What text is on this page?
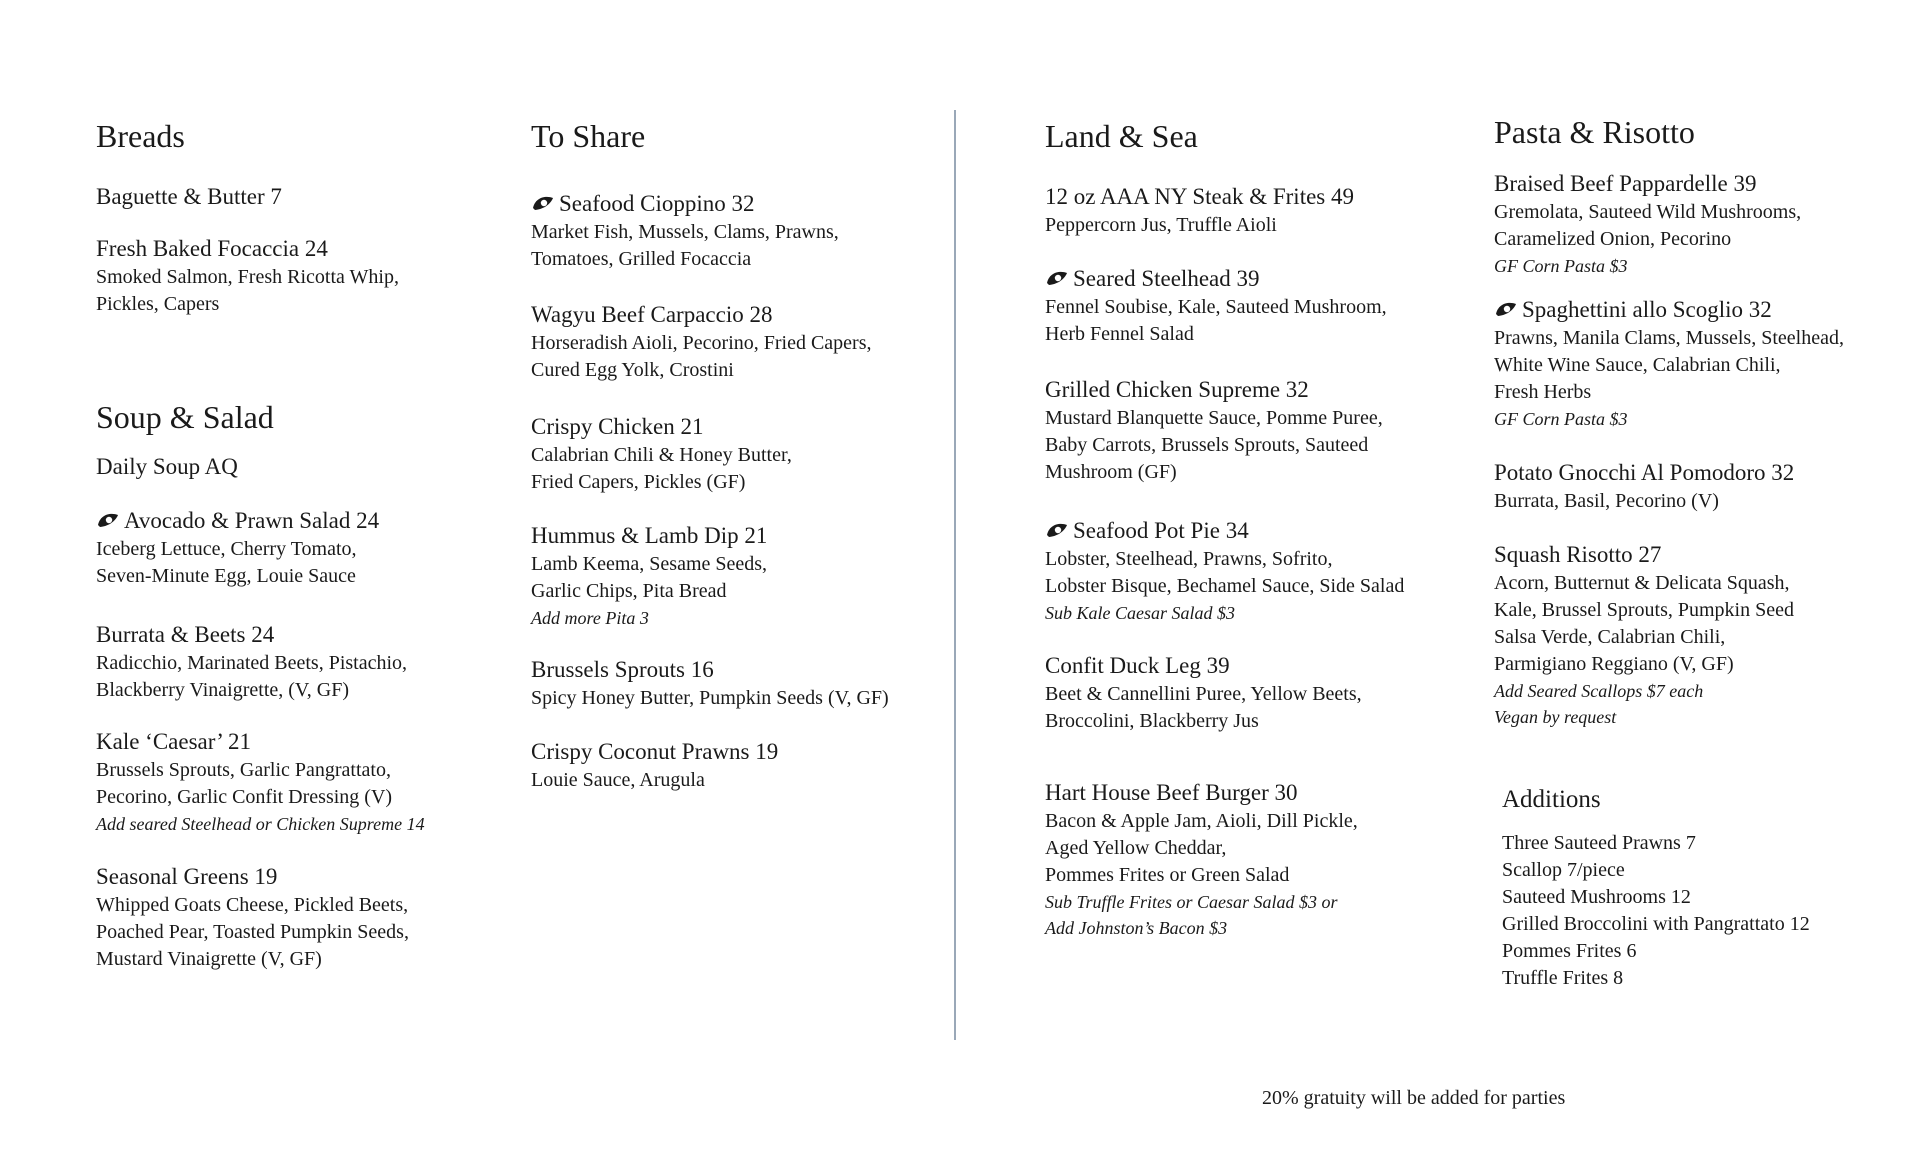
Breads
Baguette & Butter 7
Fresh Baked Focaccia 24
Smoked Salmon, Fresh Ricotta Whip,
Pickles, Capers
Soup & Salad
Daily Soup AQ
Avocado & Prawn Salad 24
Iceberg Lettuce, Cherry Tomato,
Seven-Minute Egg, Louie Sauce
Burrata & Beets 24
Radicchio, Marinated Beets, Pistachio,
Blackberry Vinaigrette, (V, GF)
Kale ‘Caesar’ 21
Brussels Sprouts, Garlic Pangrattato,
Pecorino, Garlic Confit Dressing (V)
Add seared Steelhead or Chicken Supreme 14
Seasonal Greens 19
Whipped Goats Cheese, Pickled Beets,
Poached Pear, Toasted Pumpkin Seeds,
Mustard Vinaigrette (V, GF)
To Share
Seafood Cioppino 32
Market Fish, Mussels, Clams, Prawns,
Tomatoes, Grilled Focaccia
Wagyu Beef Carpaccio 28
Horseradish Aioli, Pecorino, Fried Capers,
Cured Egg Yolk, Crostini
Crispy Chicken 21
Calabrian Chili & Honey Butter,
Fried Capers, Pickles (GF)
Hummus & Lamb Dip 21
Lamb Keema, Sesame Seeds,
Garlic Chips, Pita Bread
Add more Pita 3
Brussels Sprouts 16
Spicy Honey Butter, Pumpkin Seeds (V, GF)
Crispy Coconut Prawns 19
Louie Sauce, Arugula
Land & Sea
12 oz AAA NY Steak & Frites 49
Peppercorn Jus, Truffle Aioli
Seared Steelhead 39
Fennel Soubise, Kale, Sauteed Mushroom,
Herb Fennel Salad
Grilled Chicken Supreme 32
Mustard Blanquette Sauce, Pomme Puree,
Baby Carrots, Brussels Sprouts, Sauteed
Mushroom (GF)
Seafood Pot Pie 34
Lobster, Steelhead, Prawns, Sofrito,
Lobster Bisque, Bechamel Sauce, Side Salad
Sub Kale Caesar Salad $3
Confit Duck Leg 39
Beet & Cannellini Puree, Yellow Beets,
Broccolini, Blackberry Jus
Hart House Beef Burger 30
Bacon & Apple Jam, Aioli, Dill Pickle,
Aged Yellow Cheddar,
Pommes Frites or Green Salad
Sub Truffle Frites or Caesar Salad $3 or
Add Johnston’s Bacon $3
Pasta & Risotto
Braised Beef Pappardelle 39
Gremolata, Sauteed Wild Mushrooms,
Caramelized Onion, Pecorino
GF Corn Pasta $3
Spaghettini allo Scoglio 32
Prawns, Manila Clams, Mussels, Steelhead,
White Wine Sauce, Calabrian Chili,
Fresh Herbs
GF Corn Pasta $3
Potato Gnocchi Al Pomodoro 32
Burrata, Basil, Pecorino (V)
Squash Risotto 27
Acorn, Butternut & Delicata Squash,
Kale, Brussel Sprouts, Pumpkin Seed
Salsa Verde, Calabrian Chili,
Parmigiano Reggiano (V, GF)
Add Seared Scallops $7 each
Vegan by request
Additions
Three Sauteed Prawns 7
Scallop 7/piece
Sauteed Mushrooms 12
Grilled Broccolini with Pangrattato 12
Pommes Frites 6
Truffle Frites 8
20% gratuity will be added for parties
